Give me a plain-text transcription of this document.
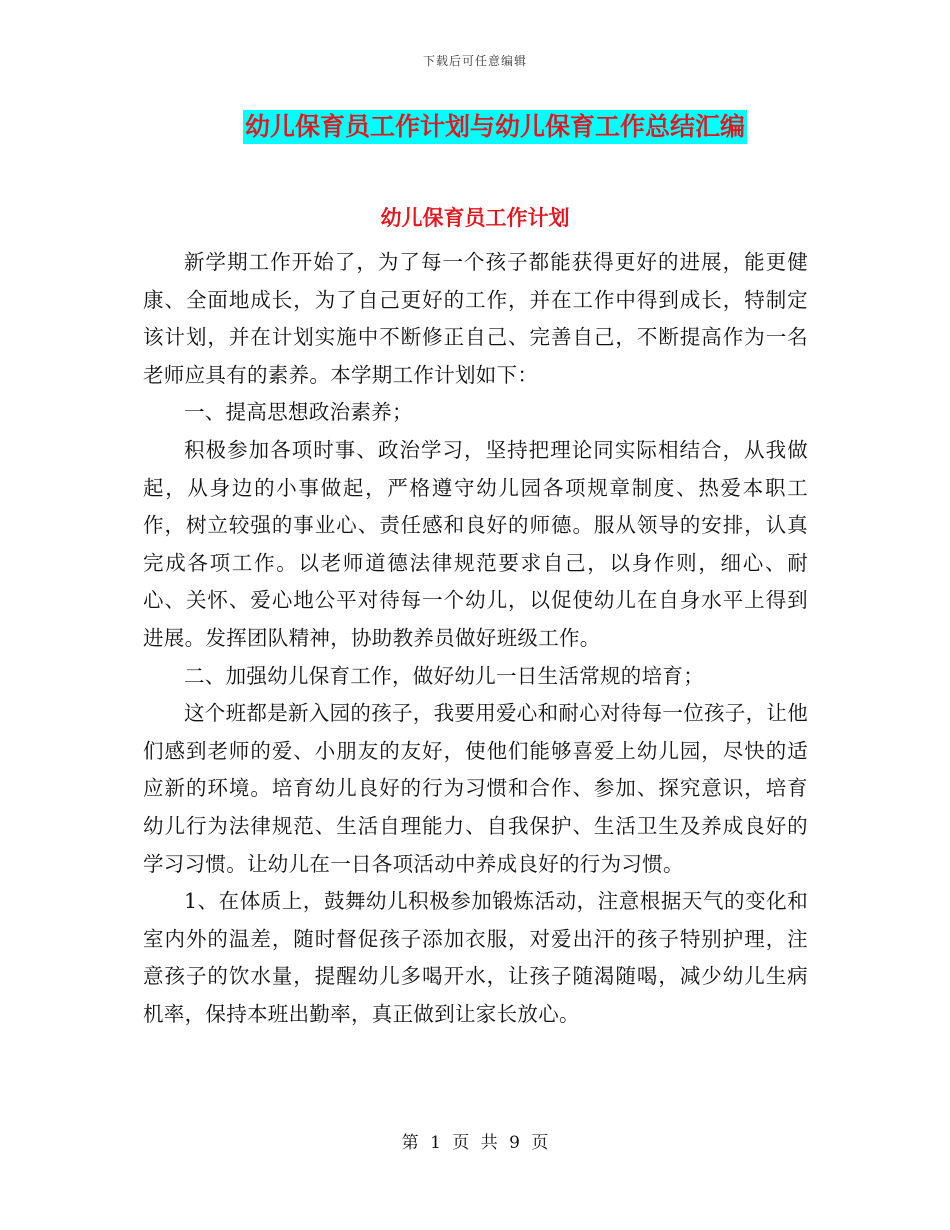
下载后可任意编辑
幼儿保育员工作计划与幼儿保育工作总结汇编
幼儿保育员工作计划

新学期工作开始了，为了每一个孩子都能获得更好的进展，能更健康、全面地成长，为了自己更好的工作，并在工作中得到成长，特制定该计划，并在计划实施中不断修正自己、完善自己，不断提高作为一名老师应具有的素养。本学期工作计划如下：

一、提高思想政治素养；

积极参加各项时事、政治学习，坚持把理论同实际相结合，从我做起，从身边的小事做起，严格遵守幼儿园各项规章制度、热爱本职工作，树立较强的事业心、责任感和良好的师德。服从领导的安排，认真完成各项工作。以老师道德法律规范要求自己，以身作则，细心、耐心、关怀、爱心地公平对待每一个幼儿，以促使幼儿在自身水平上得到进展。发挥团队精神，协助教养员做好班级工作。

二、加强幼儿保育工作，做好幼儿一日生活常规的培育；

这个班都是新入园的孩子，我要用爱心和耐心对待每一位孩子，让他们感到老师的爱、小朋友的友好，使他们能够喜爱上幼儿园，尽快的适应新的环境。培育幼儿良好的行为习惯和合作、参加、探究意识，培育幼儿行为法律规范、生活自理能力、自我保护、生活卫生及养成良好的学习习惯。让幼儿在一日各项活动中养成良好的行为习惯。

1、在体质上，鼓舞幼儿积极参加锻炼活动，注意根据天气的变化和室内外的温差，随时督促孩子添加衣服，对爱出汗的孩子特别护理，注意孩子的饮水量，提醒幼儿多喝开水，让孩子随渴随喝，减少幼儿生病机率，保持本班出勤率，真正做到让家长放心。

第 1 页 共 9 页
